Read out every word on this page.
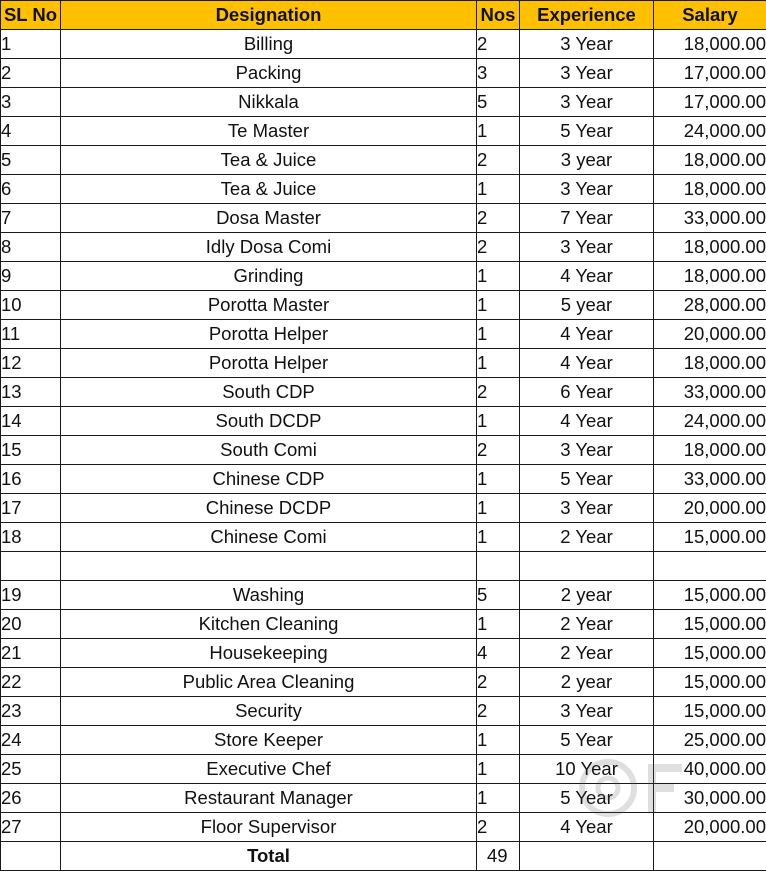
SL No	Designation	Nos	Experience	Salary
1	Billing	2	3 Year	18,000.00
2	Packing	3	3 Year	17,000.00
3	Nikkala	5	3 Year	17,000.00
4	Te Master	1	5 Year	24,000.00
5	Tea & Juice	2	3 year	18,000.00
6	Tea & Juice	1	3 Year	18,000.00
7	Dosa Master	2	7 Year	33,000.00
8	Idly Dosa Comi	2	3 Year	18,000.00
9	Grinding	1	4 Year	18,000.00
10	Porotta Master	1	5 year	28,000.00
11	Porotta Helper	1	4 Year	20,000.00
12	Porotta Helper	1	4 Year	18,000.00
13	South CDP	2	6 Year	33,000.00
14	South DCDP	1	4 Year	24,000.00
15	South Comi	2	3 Year	18,000.00
16	Chinese CDP	1	5 Year	33,000.00
17	Chinese DCDP	1	3 Year	20,000.00
18	Chinese Comi	1	2 Year	15,000.00

19	Washing	5	2 year	15,000.00
20	Kitchen Cleaning	1	2 Year	15,000.00
21	Housekeeping	4	2 Year	15,000.00
22	Public Area Cleaning	2	2 year	15,000.00
23	Security	2	3 Year	15,000.00
24	Store Keeper	1	5 Year	25,000.00
25	Executive Chef	1	10 Year	40,000.00
26	Restaurant Manager	1	5 Year	30,000.00
27	Floor Supervisor	2	4 Year	20,000.00
	Total	49		
